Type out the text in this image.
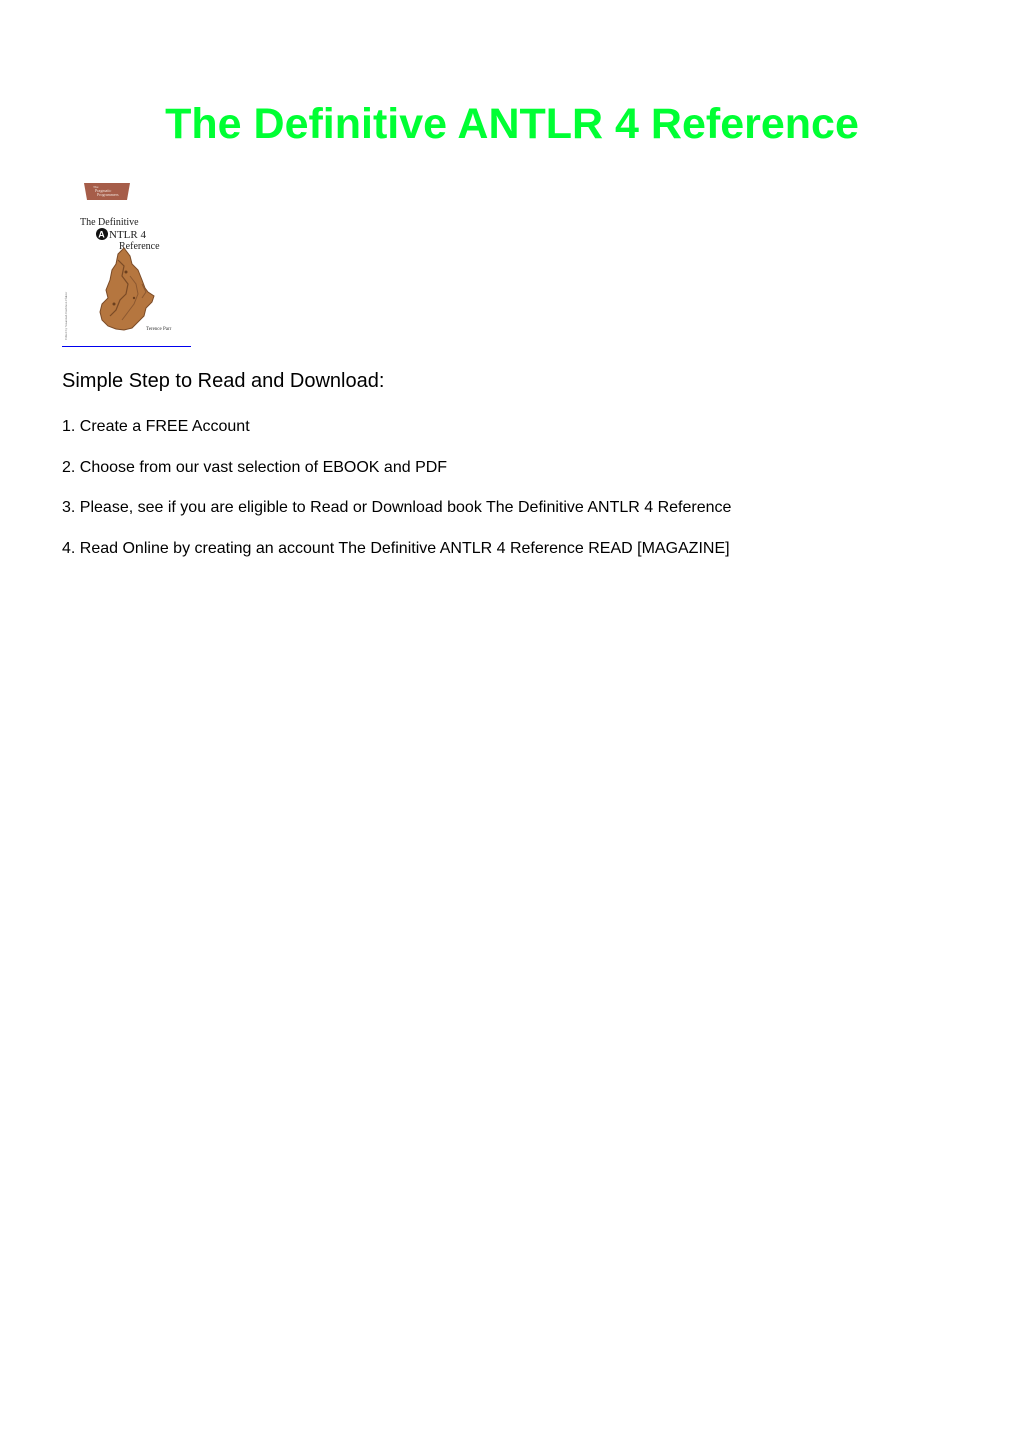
The Definitive ANTLR 4 Reference
The
Pragmatic
Programmers
The Definitive
A NTLR 4
Reference
Terence Parr
Edited by Susannah Davidson Pfalzer
Simple Step to Read and Download:

1. Create a FREE Account

2. Choose from our vast selection of EBOOK and PDF

3. Please, see if you are eligible to Read or Download book The Definitive ANTLR 4 Reference

4. Read Online by creating an account The Definitive ANTLR 4 Reference READ [MAGAZINE]
